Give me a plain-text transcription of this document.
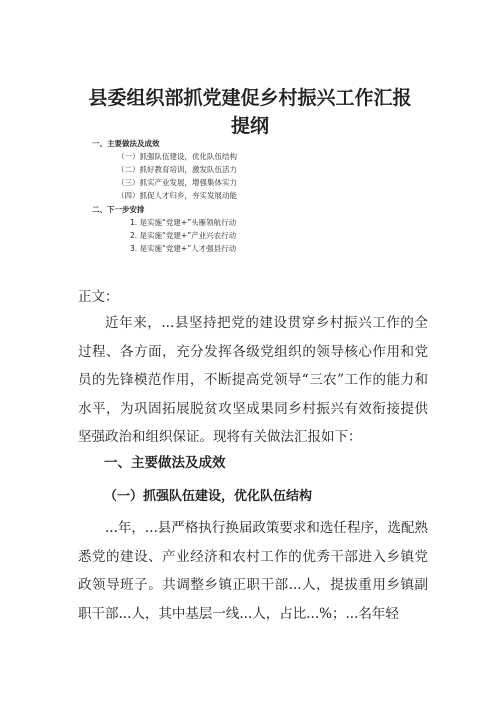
县委组织部抓党建促乡村振兴工作汇报
提纲
一、主要做法及成效
（一）抓强队伍建设，优化队伍结构
（二）抓好教育培训，激发队伍活力
（三）抓实产业发展，增强集体实力
（四）抓促人才归乡，夯实发展动能
二、下一步安排
1. 是实施“党建+”头雁领航行动
2. 是实施“党建+”产业兴农行动
3. 是实施“党建+”人才强县行动
正文：

近年来，...县坚持把党的建设贯穿乡村振兴工作的全过程、各方面，充分发挥各级党组织的领导核心作用和党员的先锋模范作用，不断提高党领导“三农”工作的能力和水平，为巩固拓展脱贫攻坚成果同乡村振兴有效衔接提供坚强政治和组织保证。现将有关做法汇报如下：

一、主要做法及成效
（一）抓强队伍建设，优化队伍结构

...年，...县严格执行换届政策要求和选任程序，选配熟悉党的建设、产业经济和农村工作的优秀干部进入乡镇党政领导班子。共调整乡镇正职干部...人，提拔重用乡镇副职干部...人，其中基层一线...人，占比...%；...名年轻
